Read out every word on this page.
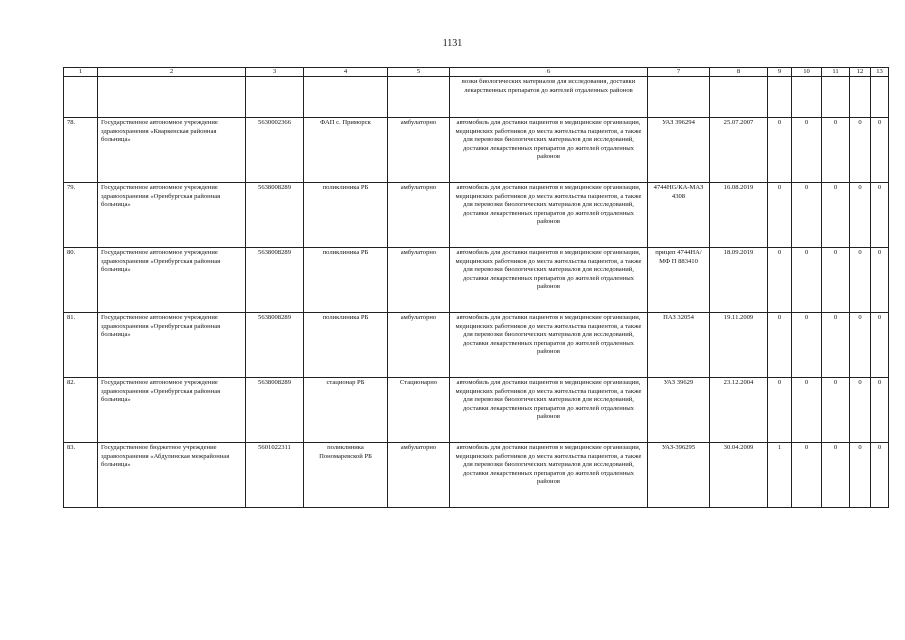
1131
1	2	3	4	5	6	7	8	9	10	11	12	13
					возки биологических материалов для исследования, доставки лекарственных препаратов до жителей отдаленных районов							
78.	Государственное автономное учреждение здравоохранения «Кваркенская районная больница»	5630002366	ФАП с. Приморск	амбулаторно	автомобиль для доставки пациентов в медицинские организации, медицинских работников до места жительства пациентов, а также для перевозки биологических материалов для исследований, доставки лекарственных препаратов до жителей отдаленных районов	УАЗ 396294	25.07.2007	0	0	0	0	0
79.	Государственное автономное учреждение здравоохранения «Оренбургская районная больница»	5638008289	поликлиника РБ	амбулаторно	автомобиль для доставки пациентов в медицинские организации, медицинских работников до места жительства пациентов, а также для перевозки биологических материалов для исследований, доставки лекарственных препаратов до жителей отдаленных районов	4744НG/КА-МАЗ 4308	16.08.2019	0	0	0	0	0
80.	Государственное автономное учреждение здравоохранения «Оренбургская районная больница»	5638008289	поликлиника РБ	амбулаторно	автомобиль для доставки пациентов в медицинские организации, медицинских работников до места жительства пациентов, а также для перевозки биологических материалов для исследований, доставки лекарственных препаратов до жителей отдаленных районов	прицеп 4744НА/МФ П 883410	18.09.2019	0	0	0	0	0
81.	Государственное автономное учреждение здравоохранения «Оренбургская районная больница»	5638008289	поликлиника РБ	амбулаторно	автомобиль для доставки пациентов в медицинские организации, медицинских работников до места жительства пациентов, а также для перевозки биологических материалов для исследований, доставки лекарственных препаратов до жителей отдаленных районов	ПАЗ 32054	19.11.2009	0	0	0	0	0
82.	Государственное автономное учреждение здравоохранения «Оренбургская районная больница»	5638008289	стационар РБ	Стационарно	автомобиль для доставки пациентов в медицинские организации, медицинских работников до места жительства пациентов, а также для перевозки биологических материалов для исследований, доставки лекарственных препаратов до жителей отдаленных районов	УАЗ 39629	23.12.2004	0	0	0	0	0
83.	Государственное бюджетное учреждение здравоохранения «Абдулинская межрайонная больница»	5601022311	поликлиника Пономаревской РБ	амбулаторно	автомобиль для доставки пациентов в медицинские организации, медицинских работников до места жительства пациентов, а также для перевозки биологических материалов для исследований, доставки лекарственных препаратов до жителей отдаленных районов	УАЗ-396295	30.04.2009	1	0	0	0	0
